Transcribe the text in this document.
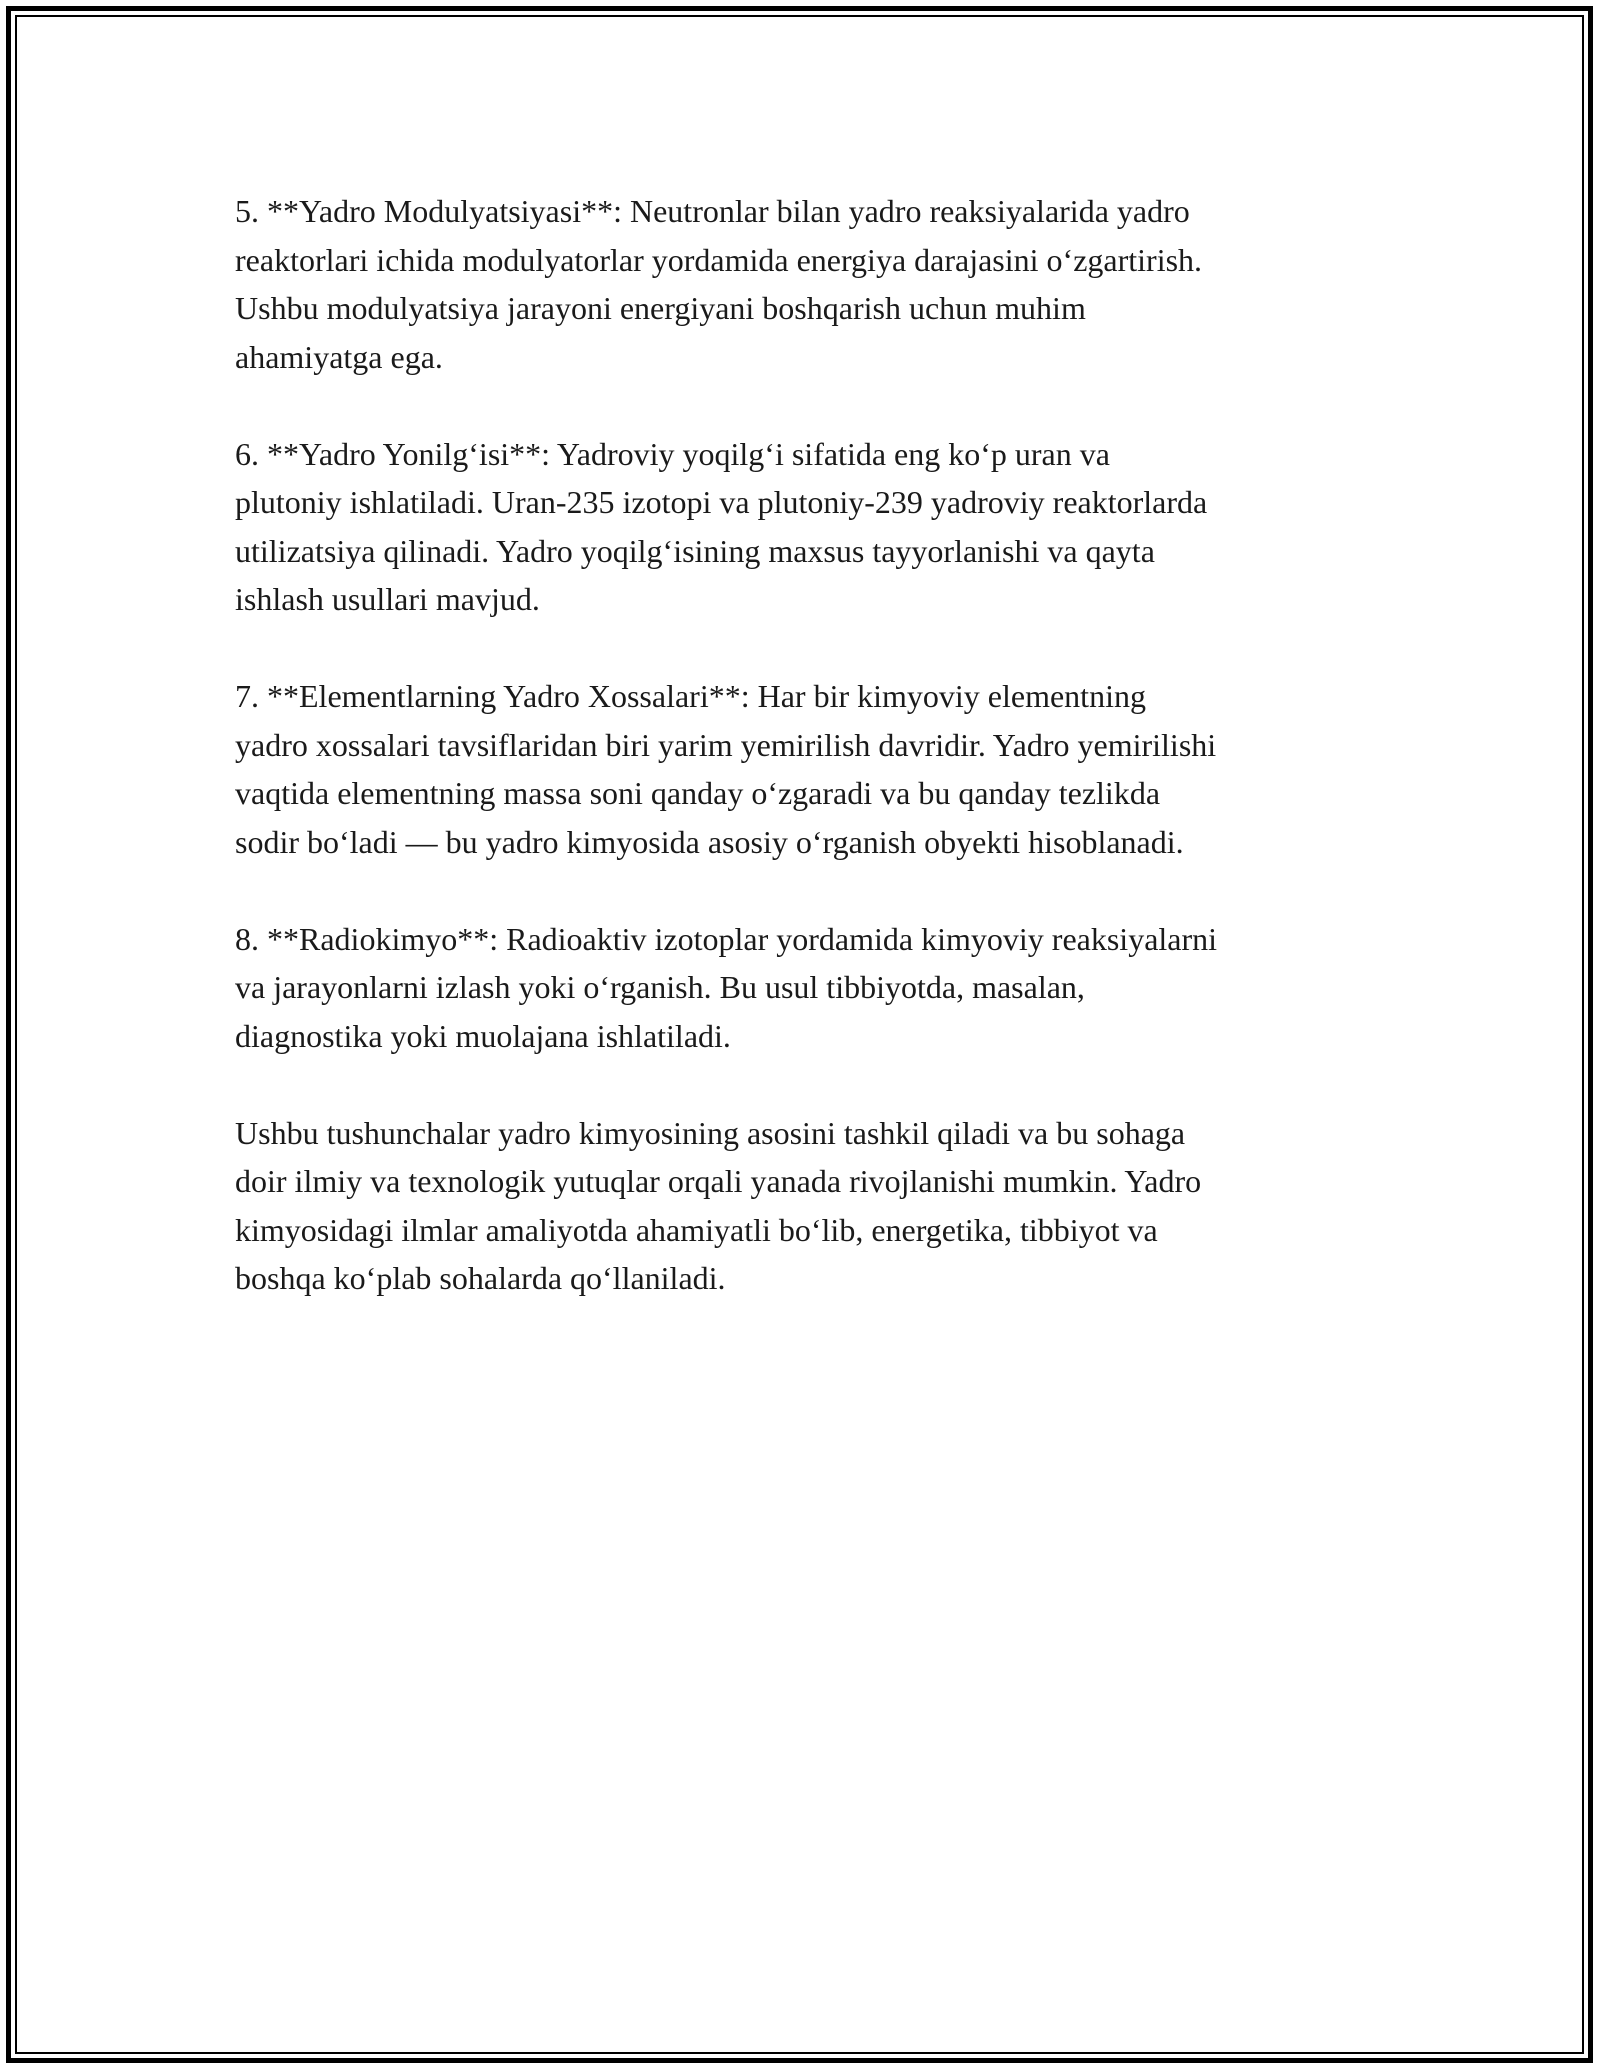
5. **Yadro Modulyatsiyasi**: Neutronlar bilan yadro reaksiyalarida yadro
reaktorlari ichida modulyatorlar yordamida energiya darajasini o‘zgartirish.
Ushbu modulyatsiya jarayoni energiyani boshqarish uchun muhim
ahamiyatga ega.

6. **Yadro Yonilg‘isi**: Yadroviy yoqilg‘i sifatida eng ko‘p uran va
plutoniy ishlatiladi. Uran-235 izotopi va plutoniy-239 yadroviy reaktorlarda
utilizatsiya qilinadi. Yadro yoqilg‘isining maxsus tayyorlanishi va qayta
ishlash usullari mavjud.

7. **Elementlarning Yadro Xossalari**: Har bir kimyoviy elementning
yadro xossalari tavsiflaridan biri yarim yemirilish davridir. Yadro yemirilishi
vaqtida elementning massa soni qanday o‘zgaradi va bu qanday tezlikda
sodir bo‘ladi — bu yadro kimyosida asosiy o‘rganish obyekti hisoblanadi.

8. **Radiokimyo**: Radioaktiv izotoplar yordamida kimyoviy reaksiyalarni
va jarayonlarni izlash yoki o‘rganish. Bu usul tibbiyotda, masalan,
diagnostika yoki muolajana ishlatiladi.

Ushbu tushunchalar yadro kimyosining asosini tashkil qiladi va bu sohaga
doir ilmiy va texnologik yutuqlar orqali yanada rivojlanishi mumkin. Yadro
kimyosidagi ilmlar amaliyotda ahamiyatli bo‘lib, energetika, tibbiyot va
boshqa ko‘plab sohalarda qo‘llaniladi.
